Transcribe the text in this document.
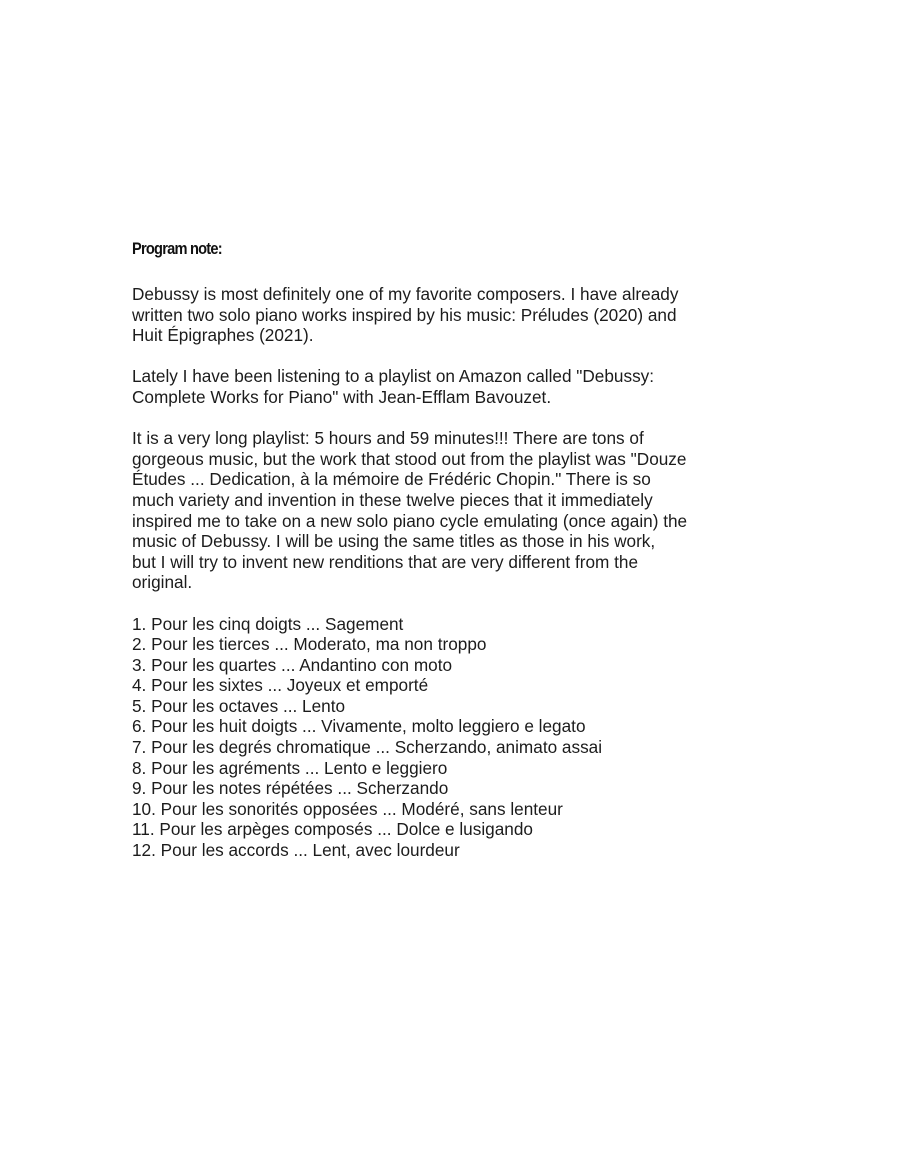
Program note:
Debussy is most definitely one of my favorite composers. I have already
written two solo piano works inspired by his music: Préludes (2020) and
Huit Épigraphes (2021).
Lately I have been listening to a playlist on Amazon called "Debussy:
Complete Works for Piano" with Jean-Efflam Bavouzet.
It is a very long playlist: 5 hours and 59 minutes!!! There are tons of
gorgeous music, but the work that stood out from the playlist was "Douze
Études ... Dedication, à la mémoire de Frédéric Chopin." There is so
much variety and invention in these twelve pieces that it immediately
inspired me to take on a new solo piano cycle emulating (once again) the
music of Debussy. I will be using the same titles as those in his work,
but I will try to invent new renditions that are very different from the
original.
1. Pour les cinq doigts ... Sagement
2. Pour les tierces ... Moderato, ma non troppo
3. Pour les quartes ... Andantino con moto
4. Pour les sixtes ... Joyeux et emporté
5. Pour les octaves ... Lento
6. Pour les huit doigts ... Vivamente, molto leggiero e legato
7. Pour les degrés chromatique ... Scherzando, animato assai
8. Pour les agréments ... Lento e leggiero
9. Pour les notes répétées ... Scherzando
10. Pour les sonorités opposées ... Modéré, sans lenteur
11. Pour les arpèges composés ... Dolce e lusigando
12. Pour les accords ... Lent, avec lourdeur
